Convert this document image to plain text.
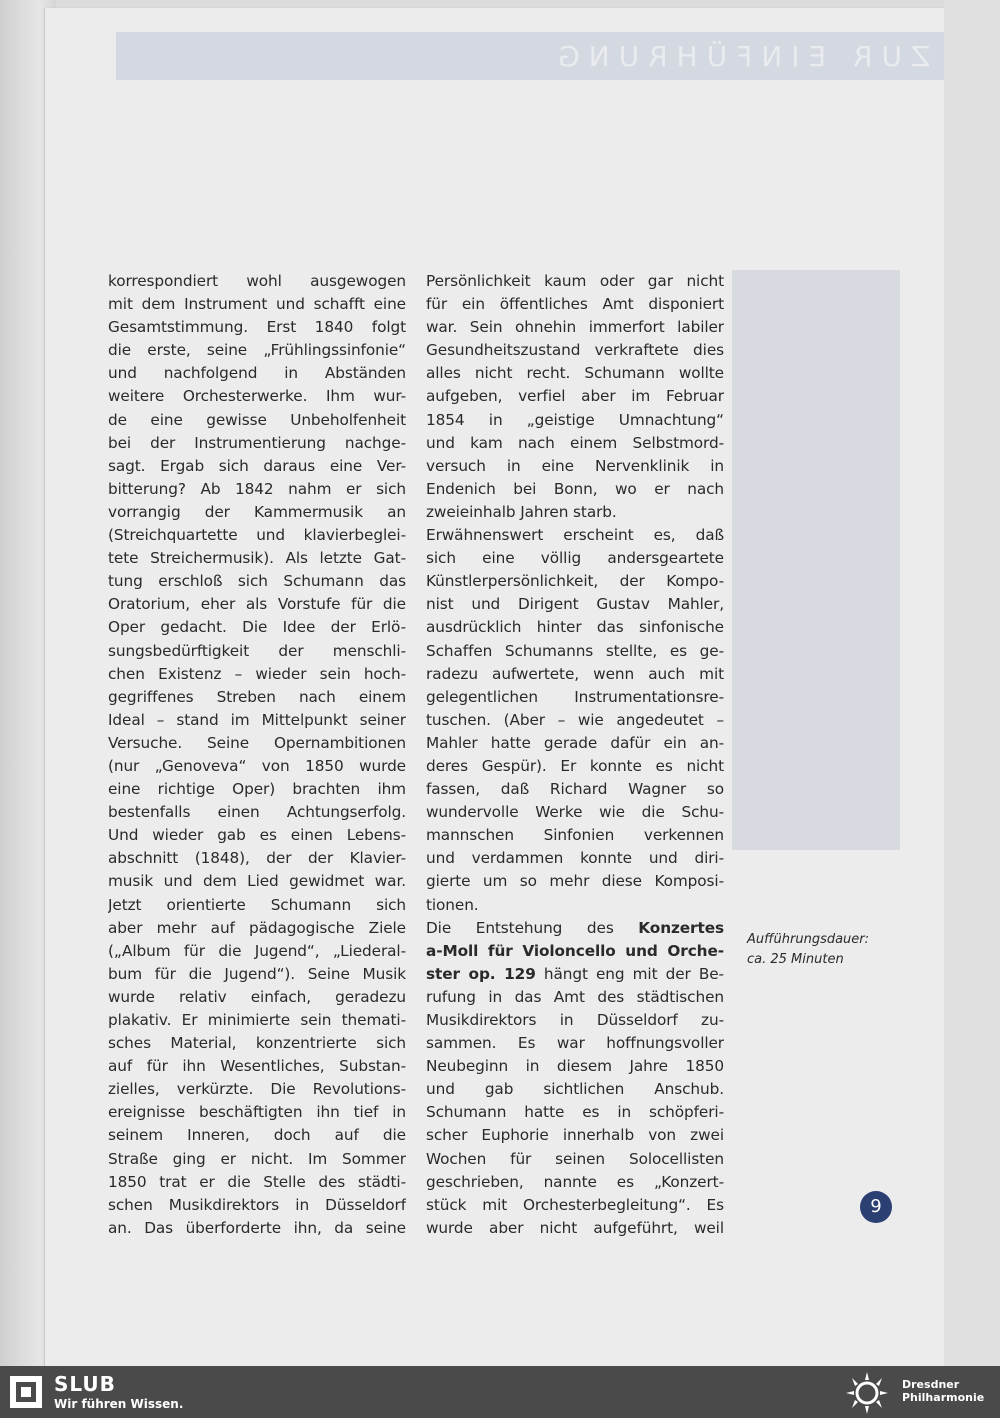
ZUR EINFÜHRUNG
korrespondiert wohl ausgewogen
mit dem Instrument und schafft eine
Gesamtstimmung. Erst 1840 folgt
die erste, seine „Frühlingssinfonie“
und nachfolgend in Abständen
weitere Orchesterwerke. Ihm wur-
de eine gewisse Unbeholfenheit
bei der Instrumentierung nachge-
sagt. Ergab sich daraus eine Ver-
bitterung? Ab 1842 nahm er sich
vorrangig der Kammermusik an
(Streichquartette und klavierbeglei-
tete Streichermusik). Als letzte Gat-
tung erschloß sich Schumann das
Oratorium, eher als Vorstufe für die
Oper gedacht. Die Idee der Erlö-
sungsbedürftigkeit der menschli-
chen Existenz – wieder sein hoch-
gegriffenes Streben nach einem
Ideal – stand im Mittelpunkt seiner
Versuche. Seine Opernambitionen
(nur „Genoveva“ von 1850 wurde
eine richtige Oper) brachten ihm
bestenfalls einen Achtungserfolg.
Und wieder gab es einen Lebens-
abschnitt (1848), der der Klavier-
musik und dem Lied gewidmet war.
Jetzt orientierte Schumann sich
aber mehr auf pädagogische Ziele
(„Album für die Jugend“, „Liederal-
bum für die Jugend“). Seine Musik
wurde relativ einfach, geradezu
plakativ. Er minimierte sein themati-
sches Material, konzentrierte sich
auf für ihn Wesentliches, Substan-
zielles, verkürzte. Die Revolutions-
ereignisse beschäftigten ihn tief in
seinem Inneren, doch auf die
Straße ging er nicht. Im Sommer
1850 trat er die Stelle des städti-
schen Musikdirektors in Düsseldorf
an. Das überforderte ihn, da seine
Persönlichkeit kaum oder gar nicht
für ein öffentliches Amt disponiert
war. Sein ohnehin immerfort labiler
Gesundheitszustand verkraftete dies
alles nicht recht. Schumann wollte
aufgeben, verfiel aber im Februar
1854 in „geistige Umnachtung“
und kam nach einem Selbstmord-
versuch in eine Nervenklinik in
Endenich bei Bonn, wo er nach
zweieinhalb Jahren starb.
Erwähnenswert erscheint es, daß
sich eine völlig andersgeartete
Künstlerpersönlichkeit, der Kompo-
nist und Dirigent Gustav Mahler,
ausdrücklich hinter das sinfonische
Schaffen Schumanns stellte, es ge-
radezu aufwertete, wenn auch mit
gelegentlichen Instrumentationsre-
tuschen. (Aber – wie angedeutet –
Mahler hatte gerade dafür ein an-
deres Gespür). Er konnte es nicht
fassen, daß Richard Wagner so
wundervolle Werke wie die Schu-
mannschen Sinfonien verkennen
und verdammen konnte und diri-
gierte um so mehr diese Komposi-
tionen.
Die Entstehung des Konzertes
a-Moll für Violoncello und Orche-
ster op. 129 hängt eng mit der Be-
rufung in das Amt des städtischen
Musikdirektors in Düsseldorf zu-
sammen. Es war hoffnungsvoller
Neubeginn in diesem Jahre 1850
und gab sichtlichen Anschub.
Schumann hatte es in schöpferi-
scher Euphorie innerhalb von zwei
Wochen für seinen Solocellisten
geschrieben, nannte es „Konzert-
stück mit Orchesterbegleitung“. Es
wurde aber nicht aufgeführt, weil
Aufführungsdauer:
ca. 25 Minuten
9
SLUB
Wir führen Wissen.
Dresdner
Philharmonie
